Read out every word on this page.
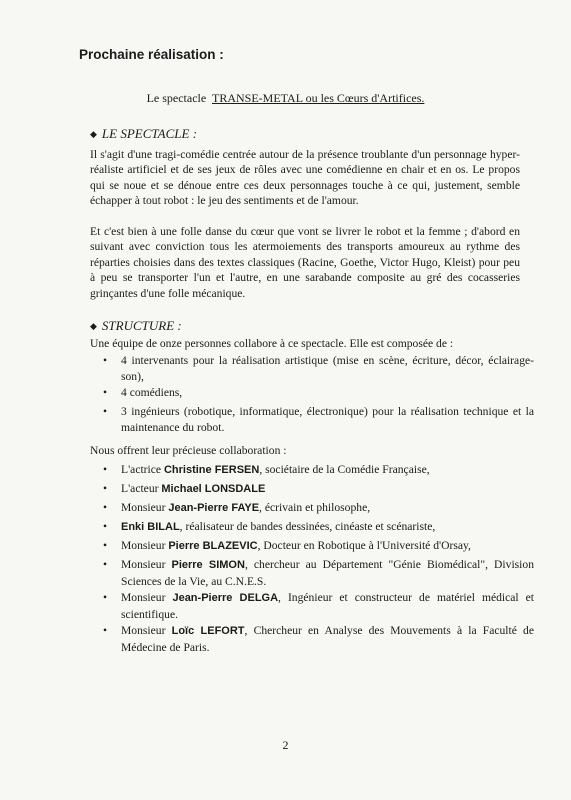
Prochaine réalisation :
Le spectacle TRANSE-METAL ou les Cœurs d'Artifices.
◆ LE SPECTACLE :
Il s'agit d'une tragi-comédie centrée autour de la présence troublante d'un personnage hyper-réaliste artificiel et de ses jeux de rôles avec une comédienne en chair et en os. Le propos qui se noue et se dénoue entre ces deux personnages touche à ce qui, justement, semble échapper à tout robot : le jeu des sentiments et de l'amour.
Et c'est bien à une folle danse du cœur que vont se livrer le robot et la femme ; d'abord en suivant avec conviction tous les atermoiements des transports amoureux au rythme des réparties choisies dans des textes classiques (Racine, Goethe, Victor Hugo, Kleist) pour peu à peu se transporter l'un et l'autre, en une sarabande composite au gré des cocasseries grinçantes d'une folle mécanique.
◆ STRUCTURE :
Une équipe de onze personnes collabore à ce spectacle. Elle est composée de :
• 4 intervenants pour la réalisation artistique (mise en scène, écriture, décor, éclairage-son),
• 4 comédiens,
• 3 ingénieurs (robotique, informatique, électronique) pour la réalisation technique et la maintenance du robot.
Nous offrent leur précieuse collaboration :
• L'actrice Christine FERSEN, sociétaire de la Comédie Française,
• L'acteur Michael LONSDALE
• Monsieur Jean-Pierre FAYE, écrivain et philosophe,
• Enki BILAL, réalisateur de bandes dessinées, cinéaste et scénariste,
• Monsieur Pierre BLAZEVIC, Docteur en Robotique à l'Université d'Orsay,
• Monsieur Pierre SIMON, chercheur au Département "Génie Biomédical", Division Sciences de la Vie, au C.N.E.S.
• Monsieur Jean-Pierre DELGA, Ingénieur et constructeur de matériel médical et scientifique.
• Monsieur Loïc LEFORT, Chercheur en Analyse des Mouvements à la Faculté de Médecine de Paris.
2
